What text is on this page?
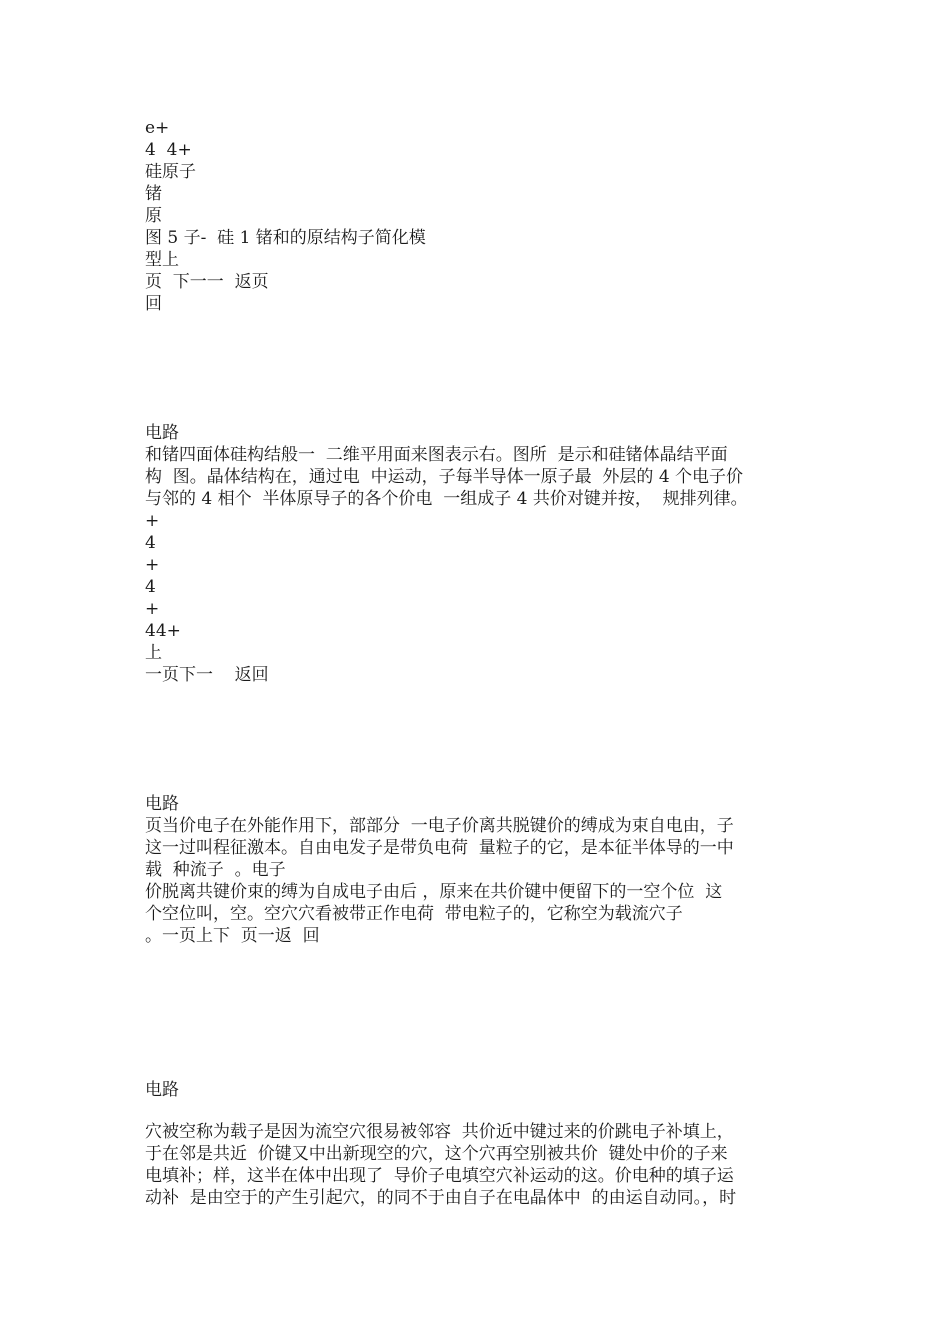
e+
4  4+
硅原子
锗
原
图 5 子-  硅 1 锗和的原结构子简化模
型上
页  下一一  返页
回
电路
和锗四面体硅构结般一  二维平用面来图表示右。图所  是示和硅锗体晶结平面
构  图。晶体结构在，通过电  中运动，子每半导体一原子最  外层的 4 个电子价
与邻的 4 相个  半体原导子的各个价电  一组成子 4 共价对键并按，  规排列律。
+
4
+
4
+
44+
上
一页下一    返回
电路
页当价电子在外能作用下，部部分  一电子价离共脱键价的缚成为束自电由，子
这一过叫程征激本。自由电发子是带负电荷  量粒子的它，是本征半体导的一中
载  种流子  。电子
价脱离共键价束的缚为自成电子由后 ，原来在共价键中便留下的一空个位  这
个空位叫，空。空穴穴看被带正作电荷  带电粒子的，它称空为载流穴子
。一页上下  页一返  回
电路
穴被空称为载子是因为流空穴很易被邻容  共价近中键过来的价跳电子补填上，
于在邻是共近  价键又中出新现空的穴，这个穴再空别被共价  键处中价的子来
电填补；样，这半在体中出现了  导价子电填空穴补运动的这。价电种的填子运
动补  是由空于的产生引起穴，的同不于由自子在电晶体中  的由运自动同。，时
